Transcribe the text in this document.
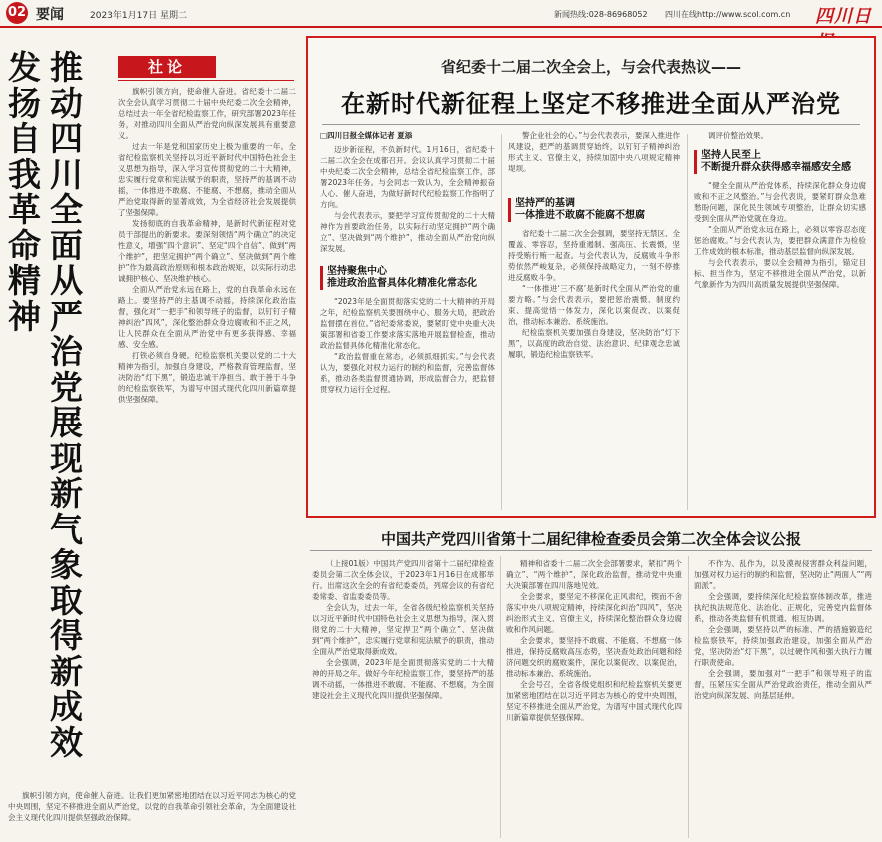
02 要闻	2023年1月17日 星期二	新闻热线:028-86968052 四川在线http://www.scol.com.cn 四川日
推动四川全面从严治党展现新气象取得新成效
发扬自我革命精神
社论

旗帜引领方向，使命催人奋进。省纪委十二届二次全会认真学习贯彻二十届中央纪委二次全会精神，总结过去一年全省纪检监察工作，研究部署2023年任务，对推动四川全面从严治党向纵深发展具有重要意义。

过去一年是党和国家历史上极为重要的一年。全省纪检监察机关坚持以习近平新时代中国特色社会主义思想为指导，深入学习宣传贯彻党的二十大精神，忠实履行党章和宪法赋予的职责，坚持严的基调不动摇，一体推进不敢腐、不能腐、不想腐，推动全面从严治党取得新的显著成效，为全省经济社会发展提供了坚强保障。

发扬彻底的自我革命精神，是新时代新征程对党员干部提出的新要求。要深刻领悟“两个确立”的决定性意义，增强“四个意识”、坚定“四个自信”、做到“两个维护”，把坚定拥护“两个确立”、坚决做到“两个维护”作为最高政治原则和根本政治规矩，以实际行动忠诚拥护核心、坚决维护核心。

全面从严治党永远在路上，党的自我革命永远在路上。要坚持严的主基调不动摇，持续深化政治监督，强化对“一把手”和领导班子的监督，以钉钉子精神纠治“四风”，深化整治群众身边腐败和不正之风，让人民群众在全面从严治党中有更多获得感、幸福感、安全感。

打铁必须自身硬。纪检监察机关要以党的二十大精神为指引，加强自身建设，严格教育管理监督，坚决防治“灯下黑”，锻造忠诚干净担当、敢于善于斗争的纪检监察铁军，为谱写中国式现代化四川新篇章提供坚强保障。

旗帜引领方向，使命催人奋进。让我们更加紧密地团结在以习近平同志为核心的党中央周围，坚定不移推进全面从严治党，以党的自我革命引领社会革命，为全面建设社会主义现代化四川提供坚强政治保障。

省纪委十二届二次全会上，与会代表热议——
在新时代新征程上坚定不移推进全面从严治党
□四川日报全媒体记者 夏添

迈步新征程，不负新时代。1月16日，省纪委十二届二次全会在成都召开。会议认真学习贯彻二十届中央纪委二次全会精神，总结全省纪检监察工作，部署2023年任务。与会同志一致认为，全会精神振奋人心、催人奋进，为做好新时代纪检监察工作指明了方向。

与会代表表示，要把学习宣传贯彻党的二十大精神作为首要政治任务，以实际行动坚定拥护“两个确立”、坚决做到“两个维护”，推动全面从严治党向纵深发展。

坚持聚焦中心
推进政治监督具体化精准化常态化

“2023年是全面贯彻落实党的二十大精神的开局之年，纪检监察机关要围绕中心、服务大局，把政治监督摆在首位。”省纪委常委说，要紧盯党中央重大决策部署和省委工作要求落实落地开展监督检查，推动政治监督具体化精准化常态化。

“政治监督重在常态，必须抓细抓实。”与会代表认为，要强化对权力运行的制约和监督，完善监督体系，推动各类监督贯通协调，形成监督合力，把监督贯穿权力运行全过程。

警企业社会的心。”与会代表表示，要深入推进作风建设，把严的基调贯穿始终，以钉钉子精神纠治形式主义、官僚主义，持续加固中央八项规定精神堤坝。

坚持严的基调
一体推进不敢腐不能腐不想腐

省纪委十二届二次全会强调，要坚持无禁区、全覆盖、零容忍，坚持重遏制、强高压、长震慑，坚持受贿行贿一起查。与会代表认为，反腐败斗争形势依然严峻复杂，必须保持战略定力，一刻不停推进反腐败斗争。

“一体推进‘三不腐’是新时代全面从严治党的重要方略。”与会代表表示，要把惩治震慑、制度约束、提高觉悟一体发力，深化以案促改、以案促治，推动标本兼治、系统施治。

纪检监察机关要加强自身建设，坚决防治“灯下黑”，以高度的政治自觉、法治意识、纪律观念忠诚履职，锻造纪检监察铁军。

调评价整治效果。

坚持人民至上
不断提升群众获得感幸福感安全感

“健全全面从严治党体系，持续深化群众身边腐败和不正之风整治。”与会代表说，要紧盯群众急难愁盼问题，深化民生领域专项整治，让群众切实感受到全面从严治党就在身边。

“全面从严治党永远在路上，必须以零容忍态度惩治腐败。”与会代表认为，要把群众满意作为检验工作成效的根本标准，推动基层监督向纵深发展。

与会代表表示，要以全会精神为指引，锚定目标、担当作为，坚定不移推进全面从严治党，以新气象新作为为四川高质量发展提供坚强保障。

中国共产党四川省第十二届纪律检查委员会第二次全体会议公报

（上接01版）中国共产党四川省第十二届纪律检查委员会第二次全体会议，于2023年1月16日在成都举行。出席这次全会的有省纪委委员，列席会议的有省纪委常委、省监委委员等。

全会认为，过去一年，全省各级纪检监察机关坚持以习近平新时代中国特色社会主义思想为指导，深入贯彻党的二十大精神，坚定捍卫“两个确立”、坚决做到“两个维护”，忠实履行党章和宪法赋予的职责，推动全面从严治党取得新成效。

全会强调，2023年是全面贯彻落实党的二十大精神的开局之年。做好今年纪检监察工作，要坚持严的基调不动摇，一体推进不敢腐、不能腐、不想腐，为全面建设社会主义现代化四川提供坚强保障。

精神和省委十二届二次全会部署要求，紧扣“两个确立”、“两个维护”，深化政治监督，推动党中央重大决策部署在四川落地见效。

全会要求，要坚定不移深化正风肃纪，锲而不舍落实中央八项规定精神，持续深化纠治“四风”，坚决纠治形式主义、官僚主义，持续深化整治群众身边腐败和作风问题。

全会要求，要坚持不敢腐、不能腐、不想腐一体推进，保持反腐败高压态势，坚决查处政治问题和经济问题交织的腐败案件，深化以案促改、以案促治，推动标本兼治、系统施治。

全会号召，全省各级党组织和纪检监察机关要更加紧密地团结在以习近平同志为核心的党中央周围，坚定不移推进全面从严治党，为谱写中国式现代化四川新篇章提供坚强保障。

不作为、乱作为，以及漠视侵害群众利益问题，加强对权力运行的制约和监督，坚决防止“两面人”“两面派”。

全会强调，要持续深化纪检监察体制改革，推进执纪执法规范化、法治化、正规化，完善党内监督体系，推动各类监督有机贯通、相互协调。

全会强调，要坚持以严的标准、严的措施锻造纪检监察铁军，持续加强政治建设，加强全面从严治党，坚决防治“灯下黑”，以过硬作风和强大执行力履行职责使命。

全会强调，要加强对“一把手”和领导班子的监督，压紧压实全面从严治党政治责任，推动全面从严治党向纵深发展、向基层延伸。
